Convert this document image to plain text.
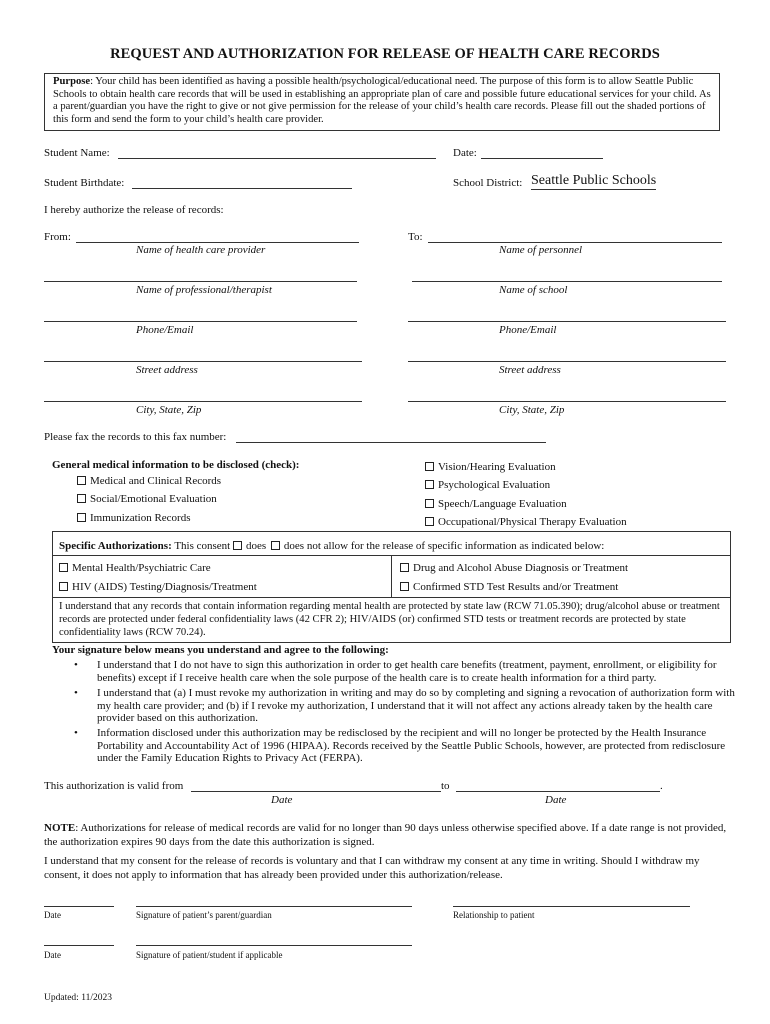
REQUEST AND AUTHORIZATION FOR RELEASE OF HEALTH CARE RECORDS
Purpose: Your child has been identified as having a possible health/psychological/educational need. The purpose of this form is to allow Seattle Public Schools to obtain health care records that will be used in establishing an appropriate plan of care and possible future educational services for your child. As a parent/guardian you have the right to give or not give permission for the release of your child’s health care records. Please fill out the shaded portions of this form and send the form to your child’s health care provider.
Student Name:	Date:
Student Birthdate:	School District: Seattle Public Schools
I hereby authorize the release of records:
From:
Name of health care provider
Name of professional/therapist
Phone/Email
Street address
City, State, Zip
To:
Name of personnel
Name of school
Phone/Email
Street address
City, State, Zip
Please fax the records to this fax number:
General medical information to be disclosed (check):
Medical and Clinical Records
Social/Emotional Evaluation
Immunization Records
Vision/Hearing Evaluation
Psychological Evaluation
Speech/Language Evaluation
Occupational/Physical Therapy Evaluation
Specific Authorizations: This consent does does not allow for the release of specific information as indicated below:
Mental Health/Psychiatric Care	Drug and Alcohol Abuse Diagnosis or Treatment
HIV (AIDS) Testing/Diagnosis/Treatment	Confirmed STD Test Results and/or Treatment
I understand that any records that contain information regarding mental health are protected by state law (RCW 71.05.390); drug/alcohol abuse or treatment records are protected under federal confidentiality laws (42 CFR 2); HIV/AIDS (or) confirmed STD tests or treatment records are protected by state confidentiality laws (RCW 70.24).
Your signature below means you understand and agree to the following:
• I understand that I do not have to sign this authorization in order to get health care benefits (treatment, payment, enrollment, or eligibility for benefits) except if I receive health care when the sole purpose of the health care is to create health information for a third party.
• I understand that (a) I must revoke my authorization in writing and may do so by completing and signing a revocation of authorization form with my health care provider; and (b) if I revoke my authorization, I understand that it will not affect any actions already taken by the health care provider based on this authorization.
• Information disclosed under this authorization may be redisclosed by the recipient and will no longer be protected by the Health Insurance Portability and Accountability Act of 1996 (HIPAA). Records received by the Seattle Public Schools, however, are protected from redisclosure under the Family Education Rights to Privacy Act (FERPA).
This authorization is valid from	to	.
Date	Date
NOTE: Authorizations for release of medical records are valid for no longer than 90 days unless otherwise specified above. If a date range is not provided, the authorization expires 90 days from the date this authorization is signed.
I understand that my consent for the release of records is voluntary and that I can withdraw my consent at any time in writing. Should I withdraw my consent, it does not apply to information that has already been provided under this authorization/release.
Date	Signature of patient’s parent/guardian	Relationship to patient
Date	Signature of patient/student if applicable
Updated: 11/2023
